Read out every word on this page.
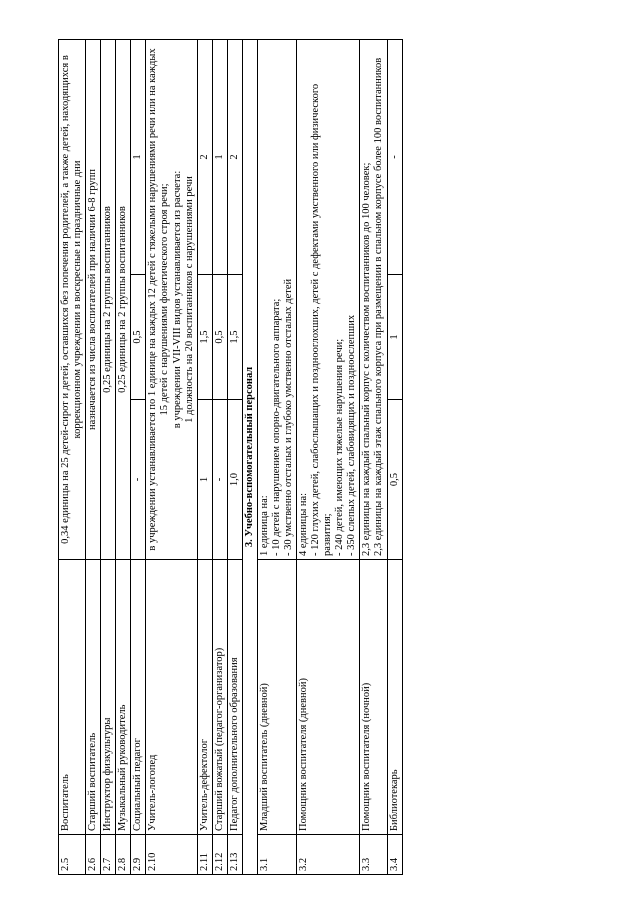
2.5	Воспитатель	0,34 единицы на 25 детей-сирот и детей, оставшихся без попечения родителей, а также детей, находящихся в коррекционном учреждении в воскресные и праздничные дни		
2.6	Старший воспитатель	назначается из числа воспитателей при наличии 6-8 групп		
2.7	Инструктор физкультуры	0,25 единицы на 2 группы воспитанников		
2.8	Музыкальный руководитель	0,25 единицы на 2 группы воспитанников		
2.9	Социальный педагог	-	0,5	1
2.10	Учитель-логопед	в учреждении устанавливается по 1 единице на каждых 12 детей с тяжелыми нарушениями речи или на каждых 15 детей с нарушениями фонетического строя речи;
в учреждении VII-VIII видов устанавливается из расчета:
1 должность на 20 воспитанников с нарушениями речи		
2.11	Учитель-дефектолог	1	1,5	2
2.12	Старший вожатый (педагог-организатор)	-	0,5	1
2.13	Педагог дополнительного образования	1,0	1,5	2
3. Учебно-вспомогательный персонал				
3.1	Младший воспитатель (дневной)	1 единица на:
- 10 детей с нарушением опорно-двигательного аппарата;
- 30 умственно отсталых и глубоко умственно отсталых детей		
3.2	Помощник воспитателя (дневной)	4 единицы на:
- 120 глухих детей, слабослышащих и позднооглохших, детей с дефектами умственного или физического развития;
- 240 детей, имеющих тяжелые нарушения речи;
- 350 слепых детей, слабовидящих и поздноослепших		
3.3	Помощник воспитателя (ночной)	2,3 единицы на каждый спальный корпус с количеством воспитанников до 100 человек;
2,3 единицы на каждый этаж спального корпуса при размещении в спальном корпусе более 100 воспитанников		
3.4	Библиотекарь	0,5	1	-
